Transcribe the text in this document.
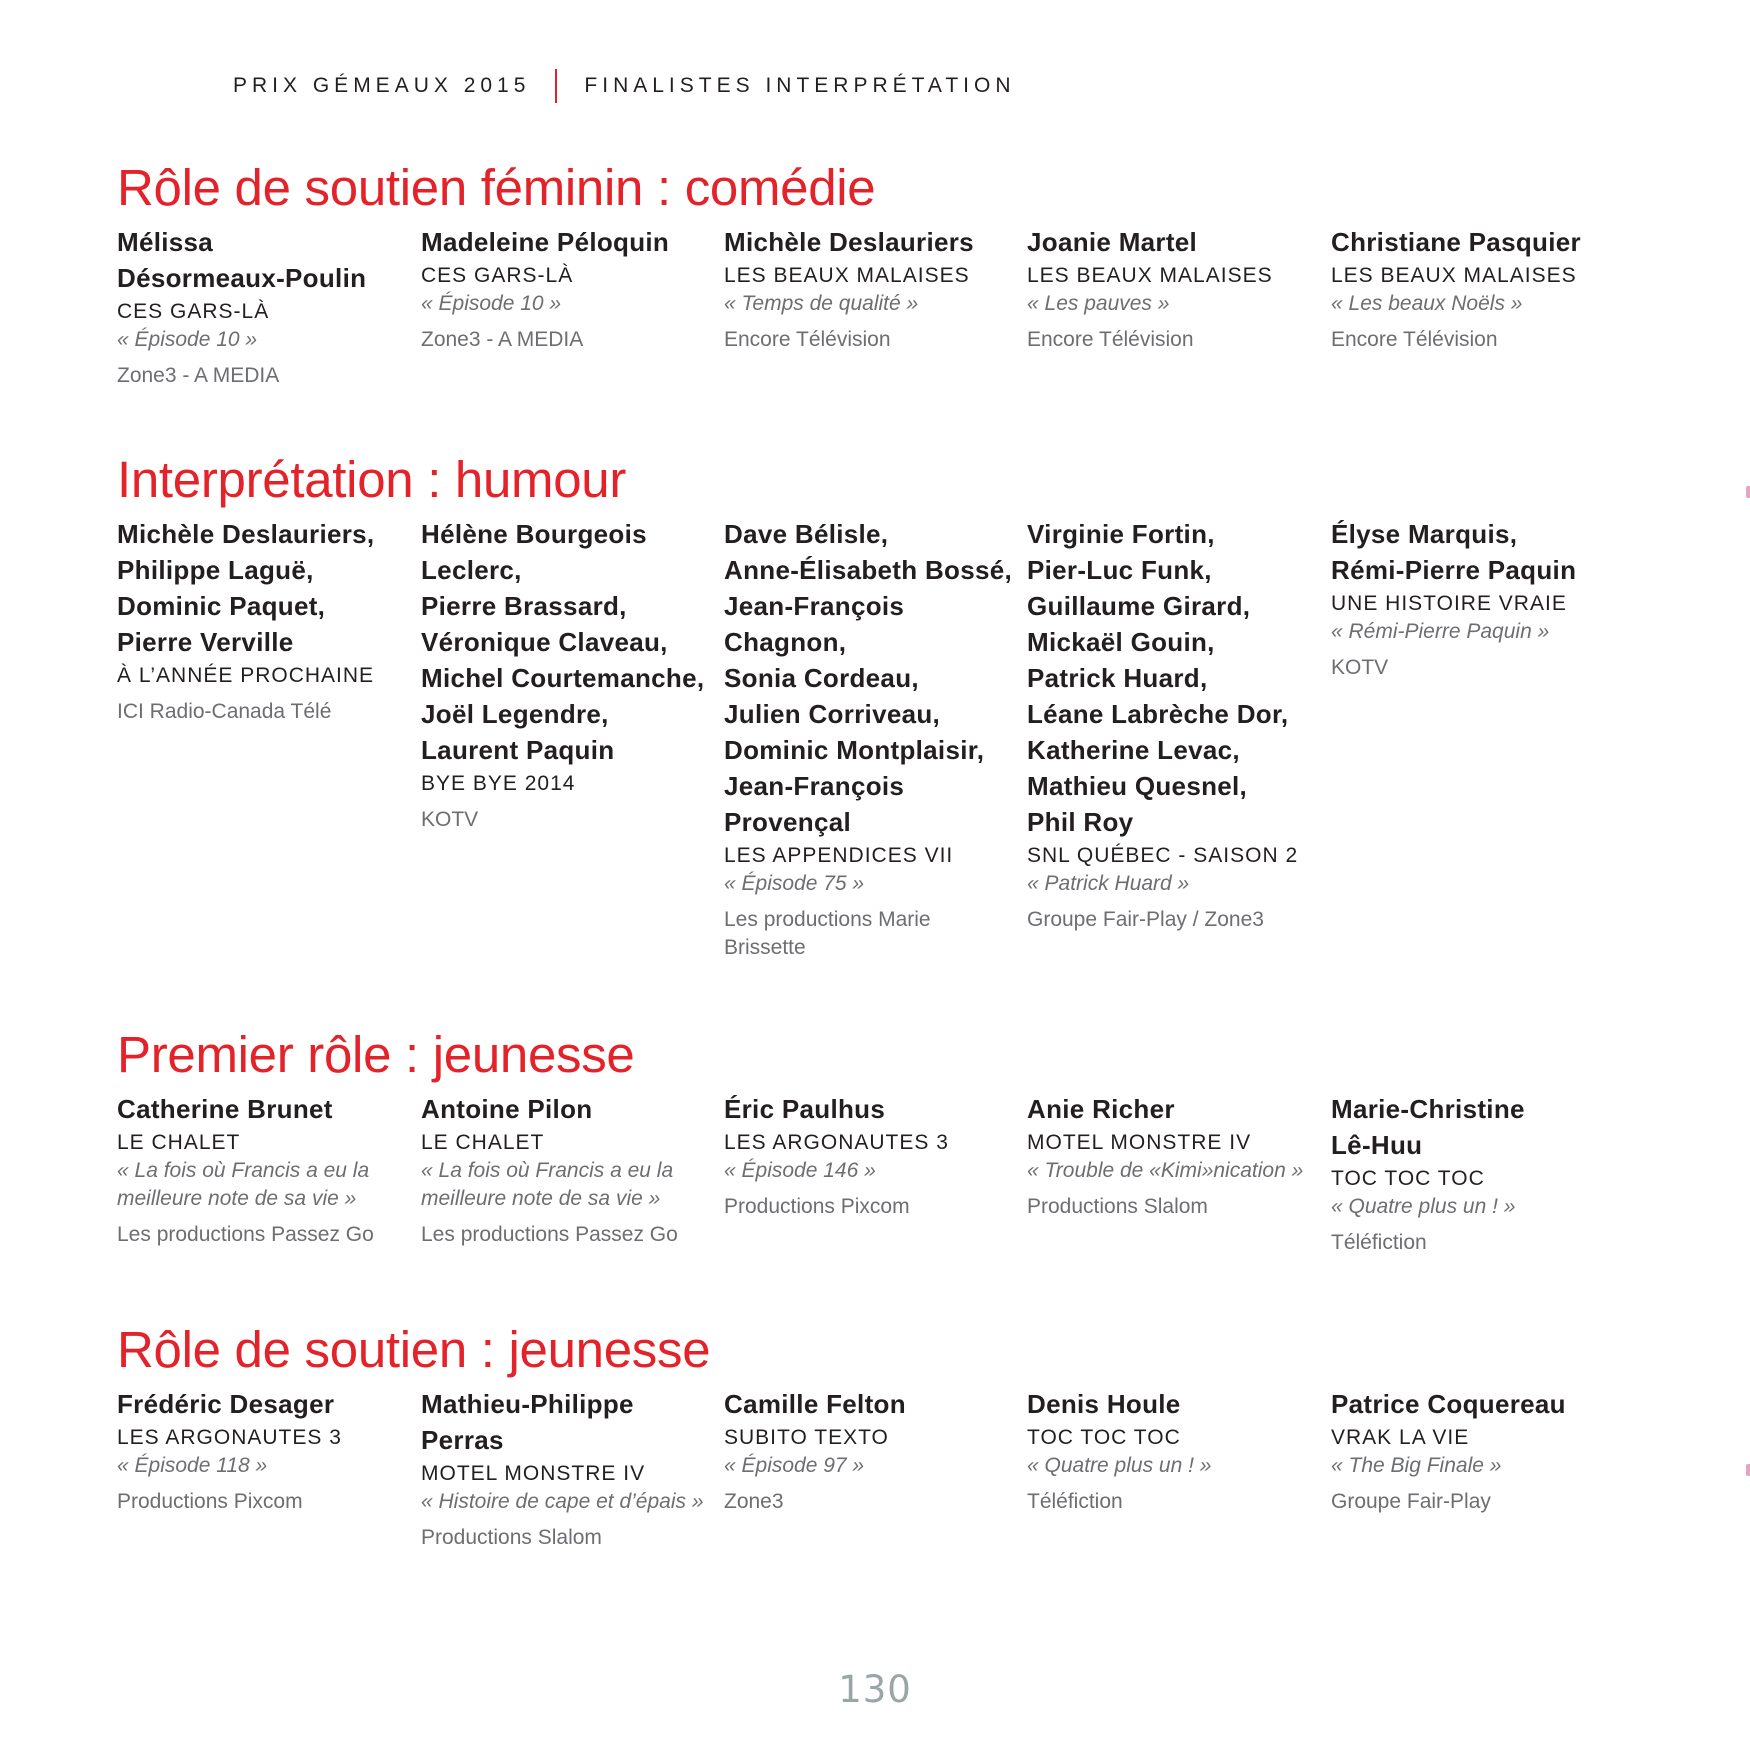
PRIX GÉMEAUX 2015	FINALISTES INTERPRÉTATION
Rôle de soutien féminin : comédie
Mélissa
Désormeaux-Poulin
CES GARS-LÀ
« Épisode 10 »
Zone3 - A MEDIA
Madeleine Péloquin
CES GARS-LÀ
« Épisode 10 »
Zone3 - A MEDIA
Michèle Deslauriers
LES BEAUX MALAISES
« Temps de qualité »
Encore Télévision
Joanie Martel
LES BEAUX MALAISES
« Les pauves »
Encore Télévision
Christiane Pasquier
LES BEAUX MALAISES
« Les beaux Noëls »
Encore Télévision
Interprétation : humour
Michèle Deslauriers,
Philippe Laguë,
Dominic Paquet,
Pierre Verville
À L’ANNÉE PROCHAINE
ICI Radio-Canada Télé
Hélène Bourgeois
Leclerc,
Pierre Brassard,
Véronique Claveau,
Michel Courtemanche,
Joël Legendre,
Laurent Paquin
BYE BYE 2014
KOTV
Dave Bélisle,
Anne-Élisabeth Bossé,
Jean-François
Chagnon,
Sonia Cordeau,
Julien Corriveau,
Dominic Montplaisir,
Jean-François
Provençal
LES APPENDICES VII
« Épisode 75 »
Les productions Marie Brissette
Virginie Fortin,
Pier-Luc Funk,
Guillaume Girard,
Mickaël Gouin,
Patrick Huard,
Léane Labrèche Dor,
Katherine Levac,
Mathieu Quesnel,
Phil Roy
SNL QUÉBEC - SAISON 2
« Patrick Huard »
Groupe Fair-Play / Zone3
Élyse Marquis,
Rémi-Pierre Paquin
UNE HISTOIRE VRAIE
« Rémi-Pierre Paquin »
KOTV
Premier rôle : jeunesse
Catherine Brunet
LE CHALET
« La fois où Francis a eu la meilleure note de sa vie »
Les productions Passez Go
Antoine Pilon
LE CHALET
« La fois où Francis a eu la meilleure note de sa vie »
Les productions Passez Go
Éric Paulhus
LES ARGONAUTES 3
« Épisode 146 »
Productions Pixcom
Anie Richer
MOTEL MONSTRE IV
« Trouble de «Kimi»nication »
Productions Slalom
Marie-Christine
Lê-Huu
TOC TOC TOC
« Quatre plus un ! »
Téléfiction
Rôle de soutien : jeunesse
Frédéric Desager
LES ARGONAUTES 3
« Épisode 118 »
Productions Pixcom
Mathieu-Philippe
Perras
MOTEL MONSTRE IV
« Histoire de cape et d’épais »
Productions Slalom
Camille Felton
SUBITO TEXTO
« Épisode 97 »
Zone3
Denis Houle
TOC TOC TOC
« Quatre plus un ! »
Téléfiction
Patrice Coquereau
VRAK LA VIE
« The Big Finale »
Groupe Fair-Play
130
